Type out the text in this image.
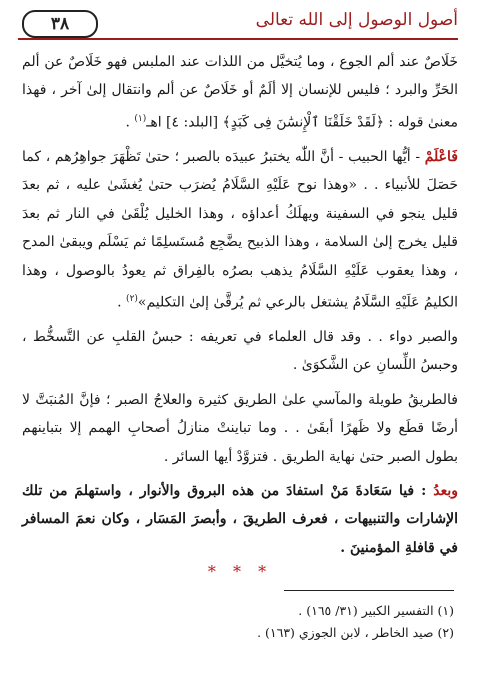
٣٨	أصول الوصول إلى الله تعالى

خَلَاصٌ عند ألم الجوع ، وما يُتخيَّل من اللذات عند الملبس فهو خَلَاصٌ عن ألم الحَرِّ والبرد ؛ فليس للإنسان إلا ألَمٌ أو خَلَاصٌ عن ألم وانتقال إلىٰ آخر ، فهذا معنىٰ قوله : ﴿لَقَدْ خَلَقْنَا ٱلْإِنسَٰنَ فِى كَبَدٍ﴾ [البلد: ٤] اهـ$^{(١)}$ .

فَاعْلَمْ - أيُّها الحبيب - أنَّ اللّٰه يختبرُ عبيدَه بالصبر ؛ حتىٰ تَظْهَرَ جواهِرُهم ، كما حَصَلَ للأنبياء . . «وهذا نوح عَلَيْهِ السَّلَامُ يُضرَب حتىٰ يُغشَىٰ عليه ، ثم بعدَ قليل ينجو في السفينة ويهلَكُ أعداؤه ، وهذا الخليل يُلْقَىٰ في النار ثم بعدَ قليل يخرج إلىٰ السلامة ، وهذا الذبيح يضَّجِع مُستَسلِمًا ثم يَسْلَم ويبقىٰ المدح ، وهذا يعقوب عَلَيْهِ السَّلَامُ يذهب بصرُه بالفِراق ثم يعودُ بالوصول ، وهذا الكليمُ عَلَيْهِ السَّلَامُ يشتغل بالرعي ثم يُرقَّىٰ إلىٰ التكليم»$^{(٢)}$ .

والصبر دواء . . وقد قال العلماء في تعريفه : حبسُ القلبِ عن التَّسخُّط ، وحبسُ اللِّسانِ عن الشَّكوَىٰ .

فالطريقُ طويلة والمآسي علىٰ الطريق كثيرة والعلاجُ الصبر ؛ فإنَّ المُنبَتَّ لا أرضًا قطَع ولا ظَهرًا أبقَىٰ . . وما تباينتْ منازلُ أصحابِ الهمم إلا بتباينهم بطول الصبر حتىٰ نهاية الطريق . فتزوَّدْ أيها السائر .

وبعدُ : فيا سَعَادةَ مَنْ استفادَ من هذه البروق والأنوار ، واستهلمَ من تلك الإشارات والتنبيهات ، فعرف الطريقَ ، وأبصرَ المَسَار ، وكان نعمَ المسافر في قافلةِ المؤمنينَ .

* * *
(١) التفسير الكبير (٣١/ ١٦٥) .
(٢) صيد الخاطر ، لابن الجوزي (١٦٣) .
